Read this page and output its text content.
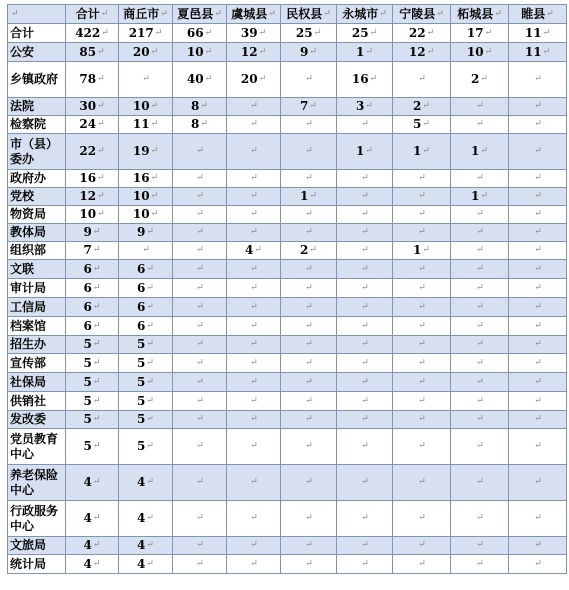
↵	合计 ↵	商丘市 ↵	夏邑县 ↵	虞城县 ↵	民权县 ↵	永城市 ↵	宁陵县 ↵	柘城县 ↵	睢县 ↵

合计	422 ↵	217 ↵	66 ↵	39 ↵	25 ↵	25 ↵	22 ↵	17 ↵	11 ↵

公安	85 ↵	20 ↵	10 ↵	12 ↵	9 ↵	1 ↵	12 ↵	10 ↵	11 ↵

乡镇政府	78 ↵	↵	40 ↵	20 ↵	↵	16 ↵	↵	2 ↵	↵

法院	30 ↵	10 ↵	8 ↵	↵	7 ↵	3 ↵	2 ↵	↵	↵

检察院	24 ↵	11 ↵	8 ↵	↵	↵	↵	5 ↵	↵	↵

市（县）委办	22 ↵	19 ↵	↵	↵	↵	1 ↵	1 ↵	1 ↵	↵

政府办	16 ↵	16 ↵	↵	↵	↵	↵	↵	↵	↵

党校	12 ↵	10 ↵	↵	↵	1 ↵	↵	↵	1 ↵	↵

物资局	10 ↵	10 ↵	↵	↵	↵	↵	↵	↵	↵

教体局	9 ↵	9 ↵	↵	↵	↵	↵	↵	↵	↵

组织部	7 ↵	↵	↵	4 ↵	2 ↵	↵	1 ↵	↵	↵

文联	6 ↵	6 ↵	↵	↵	↵	↵	↵	↵	↵

审计局	6 ↵	6 ↵	↵	↵	↵	↵	↵	↵	↵

工信局	6 ↵	6 ↵	↵	↵	↵	↵	↵	↵	↵

档案馆	6 ↵	6 ↵	↵	↵	↵	↵	↵	↵	↵

招生办	5 ↵	5 ↵	↵	↵	↵	↵	↵	↵	↵

宣传部	5 ↵	5 ↵	↵	↵	↵	↵	↵	↵	↵

社保局	5 ↵	5 ↵	↵	↵	↵	↵	↵	↵	↵

供销社	5 ↵	5 ↵	↵	↵	↵	↵	↵	↵	↵

发改委	5 ↵	5 ↵	↵	↵	↵	↵	↵	↵	↵

党员教育中心	5 ↵	5 ↵	↵	↵	↵	↵	↵	↵	↵

养老保险中心	4 ↵	4 ↵	↵	↵	↵	↵	↵	↵	↵

行政服务中心	4 ↵	4 ↵	↵	↵	↵	↵	↵	↵	↵

文旅局	4 ↵	4 ↵	↵	↵	↵	↵	↵	↵	↵

统计局	4 ↵	4 ↵	↵	↵	↵	↵	↵	↵	↵
